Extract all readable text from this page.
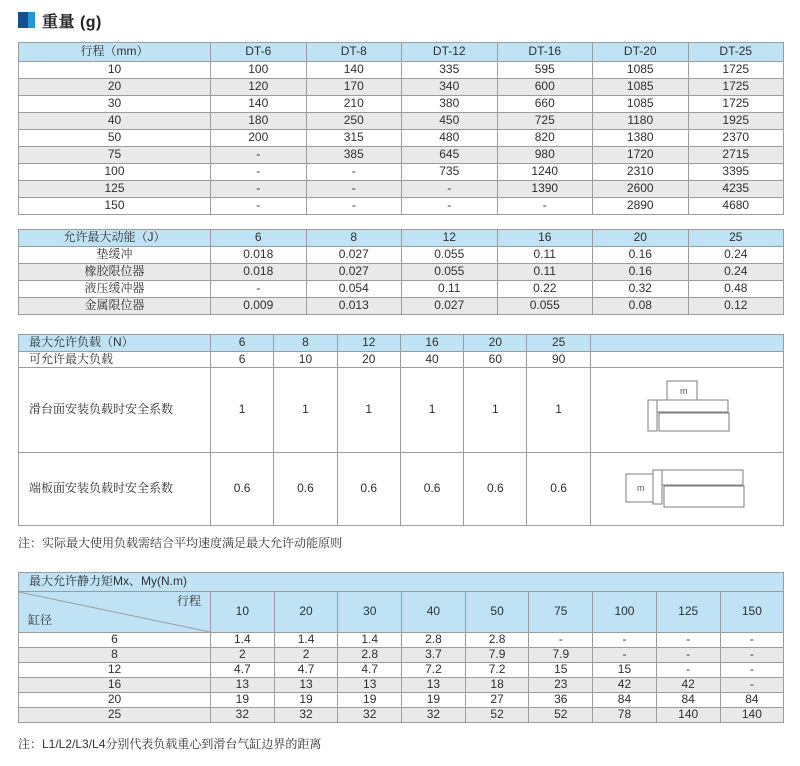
重量 (g)
行程（mm）	DT-6	DT-8	DT-12	DT-16	DT-20	DT-25
10	100	140	335	595	1085	1725
20	120	170	340	600	1085	1725
30	140	210	380	660	1085	1725
40	180	250	450	725	1180	1925
50	200	315	480	820	1380	2370
75	-	385	645	980	1720	2715
100	-	-	735	1240	2310	3395
125	-	-	-	1390	2600	4235
150	-	-	-	-	2890	4680
允许最大动能（J）	6	8	12	16	20	25
垫缓冲	0.018	0.027	0.055	0.11	0.16	0.24
橡胶限位器	0.018	0.027	0.055	0.11	0.16	0.24
液压缓冲器	-	0.054	0.11	0.22	0.32	0.48
金属限位器	0.009	0.013	0.027	0.055	0.08	0.12
最大允许负载（N）	6	8	12	16	20	25	
可允许最大负载	6	10	20	40	60	90	
滑台面安装负载时安全系数	1	1	1	1	1	1	m

端板面安装负载时安全系数	0.6	0.6	0.6	0.6	0.6	0.6	m
注：实际最大使用负载需结合平均速度满足最大允许动能原则
最大允许静力矩Mx、My(N.m)									

行程
缸径	10	20	30	40	50	75	100	125	150
6	1.4	1.4	1.4	2.8	2.8	-	-	-	-
8	2	2	2.8	3.7	7.9	7.9	-	-	-
12	4.7	4.7	4.7	7.2	7.2	15	15	-	-
16	13	13	13	13	18	23	42	42	-
20	19	19	19	19	27	36	84	84	84
25	32	32	32	32	52	52	78	140	140
注：L1/L2/L3/L4分别代表负载重心到滑台气缸边界的距离
